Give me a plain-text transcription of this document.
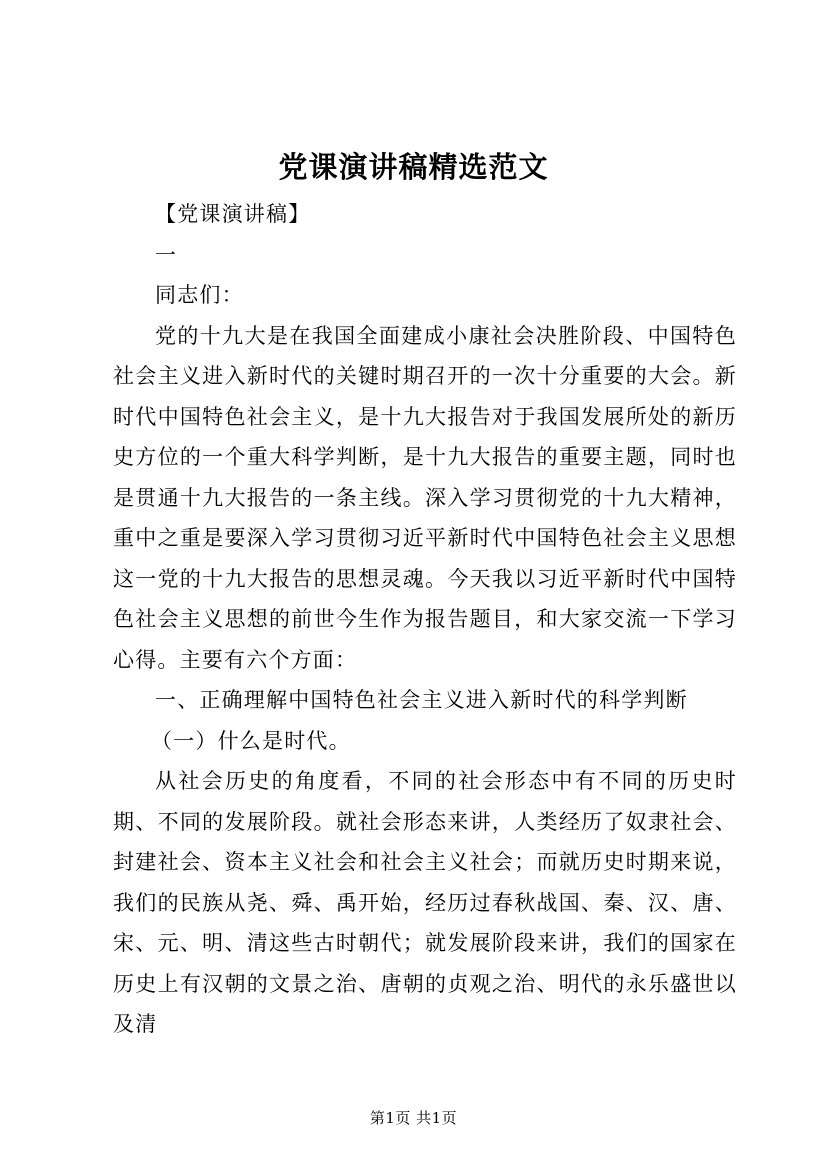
党课演讲稿精选范文

【党课演讲稿】

一

同志们：

党的十九大是在我国全面建成小康社会决胜阶段、中国特色社会主义进入新时代的关键时期召开的一次十分重要的大会。新时代中国特色社会主义，是十九大报告对于我国发展所处的新历史方位的一个重大科学判断，是十九大报告的重要主题，同时也是贯通十九大报告的一条主线。深入学习贯彻党的十九大精神，重中之重是要深入学习贯彻习近平新时代中国特色社会主义思想这一党的十九大报告的思想灵魂。今天我以习近平新时代中国特色社会主义思想的前世今生作为报告题目，和大家交流一下学习心得。主要有六个方面：

一、正确理解中国特色社会主义进入新时代的科学判断

（一）什么是时代。

从社会历史的角度看，不同的社会形态中有不同的历史时期、不同的发展阶段。就社会形态来讲，人类经历了奴隶社会、封建社会、资本主义社会和社会主义社会；而就历史时期来说，我们的民族从尧、舜、禹开始，经历过春秋战国、秦、汉、唐、宋、元、明、清这些古时朝代；就发展阶段来讲，我们的国家在历史上有汉朝的文景之治、唐朝的贞观之治、明代的永乐盛世以及清

第1页 共1页
